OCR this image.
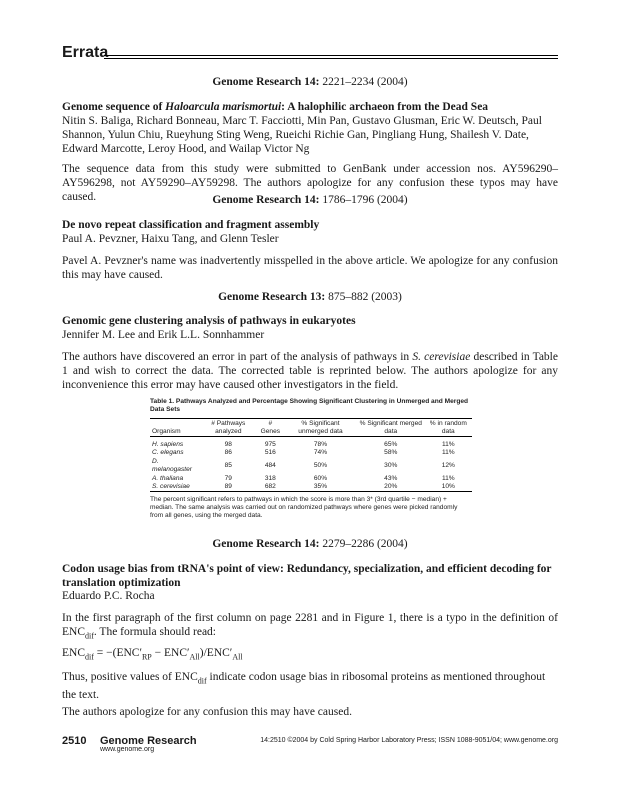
Errata
Genome Research 14: 2221–2234 (2004)
Genome sequence of Haloarcula marismortui: A halophilic archaeon from the Dead Sea
Nitin S. Baliga, Richard Bonneau, Marc T. Facciotti, Min Pan, Gustavo Glusman, Eric W. Deutsch, Paul Shannon, Yulun Chiu, Rueyhung Sting Weng, Rueichi Richie Gan, Pingliang Hung, Shailesh V. Date, Edward Marcotte, Leroy Hood, and Wailap Victor Ng
The sequence data from this study were submitted to GenBank under accession nos. AY596290–AY596298, not AY59290–AY59298. The authors apologize for any confusion these typos may have caused.	Genome Research 14: 1786–1796 (2004)
De novo repeat classification and fragment assembly
Paul A. Pevzner, Haixu Tang, and Glenn Tesler
Pavel A. Pevzner's name was inadvertently misspelled in the above article. We apologize for any confusion this may have caused.
Genome Research 13: 875–882 (2003)
Genomic gene clustering analysis of pathways in eukaryotes
Jennifer M. Lee and Erik L.L. Sonnhammer
The authors have discovered an error in part of the analysis of pathways in S. cerevisiae described in Table 1 and wish to correct the data. The corrected table is reprinted below. The authors apologize for any inconvenience this error may have caused other investigators in the field.
Table 1. Pathways Analyzed and Percentage Showing Significant Clustering in Unmerged and Merged Data Sets
Organism	# Pathways analyzed	# Genes	% Significant unmerged data	% Significant merged data	% in random data
H. sapiens	98	975	78%	65%	11%
C. elegans	86	516	74%	58%	11%
D. melanogaster	85	484	50%	30%	12%
A. thaliana	79	318	60%	43%	11%
S. cerevisiae	89	682	35%	20%	10%
The percent significant refers to pathways in which the score is more than 3* (3rd quartile − median) + median. The same analysis was carried out on randomized pathways where genes were picked randomly from all genes, using the merged data.
Genome Research 14: 2279–2286 (2004)
Codon usage bias from tRNA's point of view: Redundancy, specialization, and efficient decoding for translation optimization
Eduardo P.C. Rocha
In the first paragraph of the first column on page 2281 and in Figure 1, there is a typo in the definition of $ENC_{dif}$. The formula should read:
$ENC_{dif} = -(ENC'_{RP} - ENC'_{All})/ENC'_{All}$
Thus, positive values of $ENC_{dif}$ indicate codon usage bias in ribosomal proteins as mentioned throughout the text.
The authors apologize for any confusion this may have caused.
2510 Genome Research
www.genome.org
14:2510 ©2004 by Cold Spring Harbor Laboratory Press; ISSN 1088-9051/04; www.genome.org
